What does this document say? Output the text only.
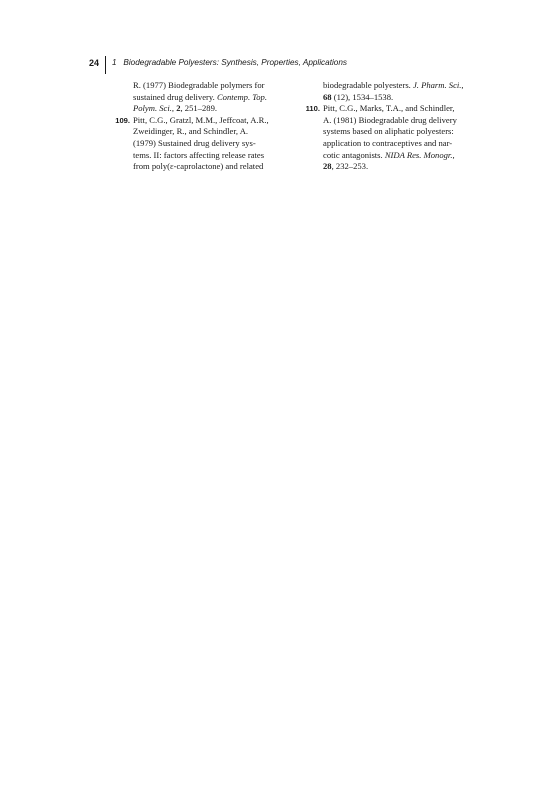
24 1 Biodegradable Polyesters: Synthesis, Properties, Applications
R. (1977) Biodegradable polymers for
sustained drug delivery. Contemp. Top.
Polym. Sci., 2, 251–289.
109. Pitt, C.G., Gratzl, M.M., Jeffcoat, A.R.,
Zweidinger, R., and Schindler, A.
(1979) Sustained drug delivery sys-
tems. II: factors affecting release rates
from poly(ε-caprolactone) and related
biodegradable polyesters. J. Pharm. Sci.,
68 (12), 1534–1538.
110. Pitt, C.G., Marks, T.A., and Schindler,
A. (1981) Biodegradable drug delivery
systems based on aliphatic polyesters:
application to contraceptives and nar-
cotic antagonists. NIDA Res. Monogr.,
28, 232–253.
